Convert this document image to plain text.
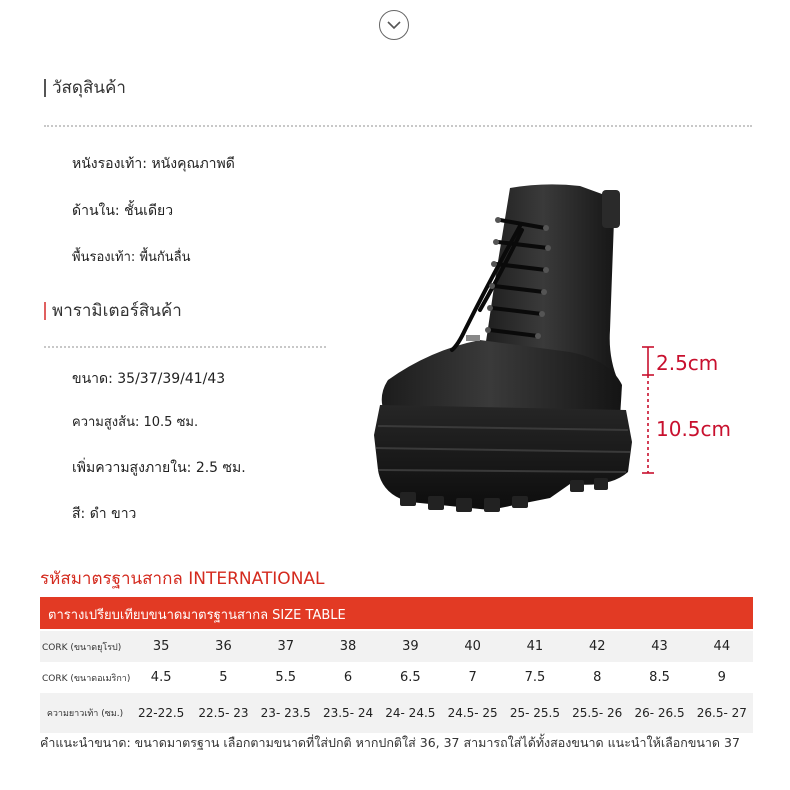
วัสดุสินค้า
หนังรองเท้า: หนังคุณภาพดี
ด้านใน: ชั้นเดียว
พื้นรองเท้า: พื้นกันลื่น
พารามิเตอร์สินค้า
ขนาด: 35/37/39/41/43
ความสูงส้น: 10.5 ซม.
เพิ่มความสูงภายใน: 2.5 ซม.
สี: ดำ ขาว
2.5cm
10.5cm
รหัสมาตรฐานสากล INTERNATIONAL
ตารางเปรียบเทียบขนาดมาตรฐานสากล SIZE TABLE
CORK (ขนาดยุโรป)	35	36	37	38	39	40	41	42	43	44
CORK (ขนาดอเมริกา)	4.5	5	5.5	6	6.5	7	7.5	8	8.5	9
ความยาวเท้า (ซม.)	22-22.5	22.5- 23	23- 23.5	23.5- 24	24- 24.5	24.5- 25	25- 25.5	25.5- 26	26- 26.5	26.5- 27
คำแนะนำขนาด: ขนาดมาตรฐาน เลือกตามขนาดที่ใส่ปกติ หากปกติใส่ 36, 37 สามารถใส่ได้ทั้งสองขนาด แนะนำให้เลือกขนาด 37
